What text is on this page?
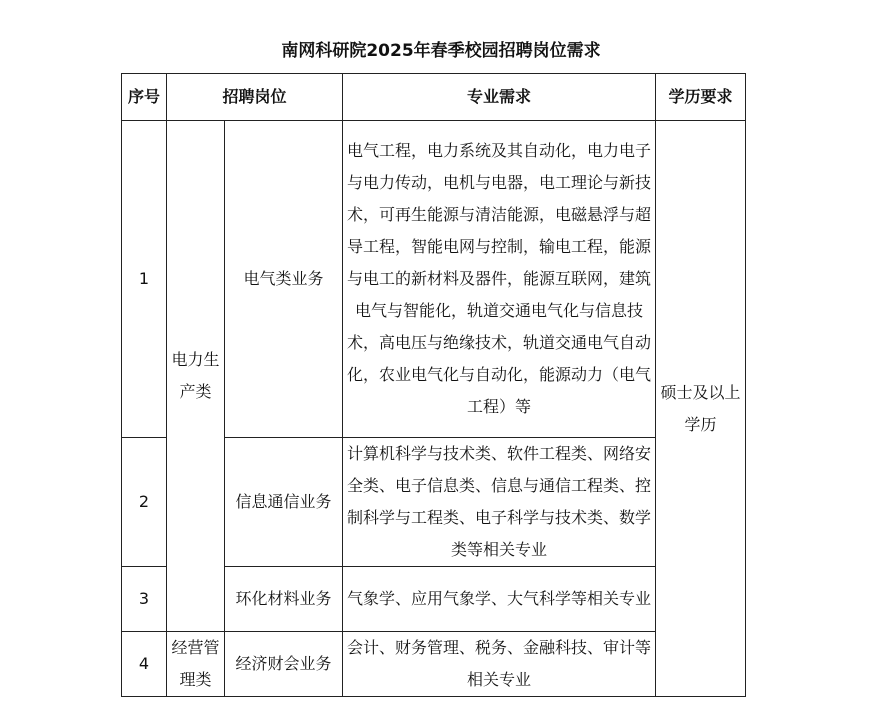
南网科研院2025年春季校园招聘岗位需求
序号	招聘岗位		专业需求	学历要求
1	电力生产类	电气类业务	电气工程，电力系统及其自动化，电力电子与电力传动，电机与电器，电工理论与新技术，可再生能源与清洁能源，电磁悬浮与超导工程，智能电网与控制，输电工程，能源与电工的新材料及器件，能源互联网，建筑电气与智能化，轨道交通电气化与信息技术，高电压与绝缘技术，轨道交通电气自动化，农业电气化与自动化，能源动力（电气工程）等	硕士及以上学历
2		信息通信业务	计算机科学与技术类、软件工程类、网络安全类、电子信息类、信息与通信工程类、控制科学与工程类、电子科学与技术类、数学类等相关专业	
3		环化材料业务	气象学、应用气象学、大气科学等相关专业	
4	经营管理类	经济财会业务	会计、财务管理、税务、金融科技、审计等相关专业	
